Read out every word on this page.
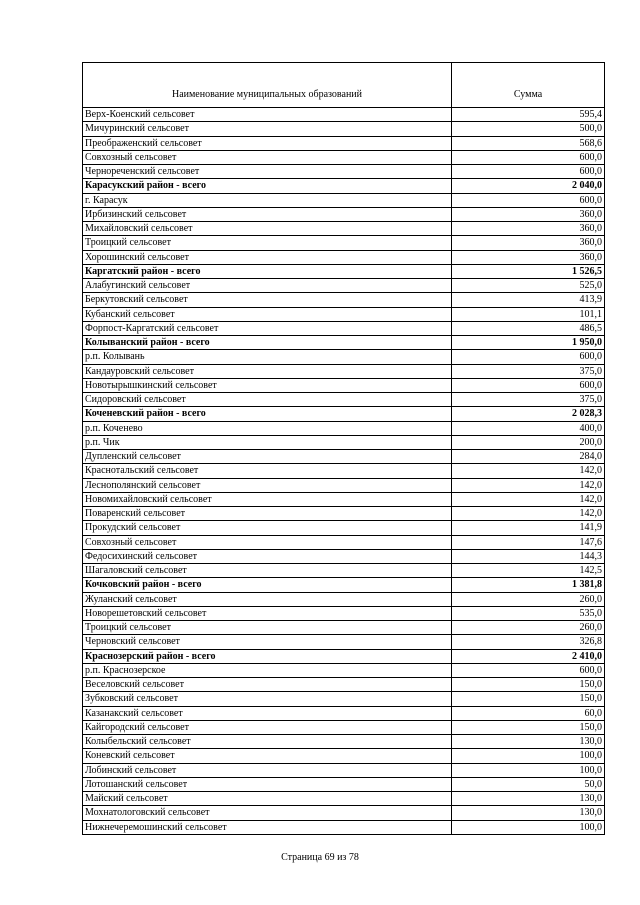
Наименование муниципальных образований	Сумма
Верх-Коенский сельсовет	595,4
Мичуринский сельсовет	500,0
Преображенский сельсовет	568,6
Совхозный сельсовет	600,0
Чернореченский сельсовет	600,0
Карасукский район - всего	2 040,0
г. Карасук	600,0
Ирбизинский сельсовет	360,0
Михайловский сельсовет	360,0
Троицкий сельсовет	360,0
Хорошинский сельсовет	360,0
Каргатский район - всего	1 526,5
Алабугинский сельсовет	525,0
Беркутовский сельсовет	413,9
Кубанский сельсовет	101,1
Форпост-Каргатский сельсовет	486,5
Колыванский район - всего	1 950,0
р.п. Колывань	600,0
Кандауровский сельсовет	375,0
Новотырышкинский сельсовет	600,0
Сидоровский сельсовет	375,0
Коченевский район - всего	2 028,3
р.п. Коченево	400,0
р.п. Чик	200,0
Дупленский сельсовет	284,0
Краснотальский сельсовет	142,0
Леснополянский сельсовет	142,0
Новомихайловский сельсовет	142,0
Поваренский сельсовет	142,0
Прокудский сельсовет	141,9
Совхозный сельсовет	147,6
Федосихинский сельсовет	144,3
Шагаловский сельсовет	142,5
Кочковский район - всего	1 381,8
Жуланский сельсовет	260,0
Новорешетовский сельсовет	535,0
Троицкий сельсовет	260,0
Черновский сельсовет	326,8
Краснозерский район - всего	2 410,0
р.п. Краснозерское	600,0
Веселовский сельсовет	150,0
Зубковский сельсовет	150,0
Казанакский сельсовет	60,0
Кайгородский сельсовет	150,0
Колыбельский сельсовет	130,0
Коневский сельсовет	100,0
Лобинский сельсовет	100,0
Лотошанский сельсовет	50,0
Майский сельсовет	130,0
Мохнатологовский сельсовет	130,0
Нижнечеремошинский сельсовет	100,0
Страница 69 из 78
